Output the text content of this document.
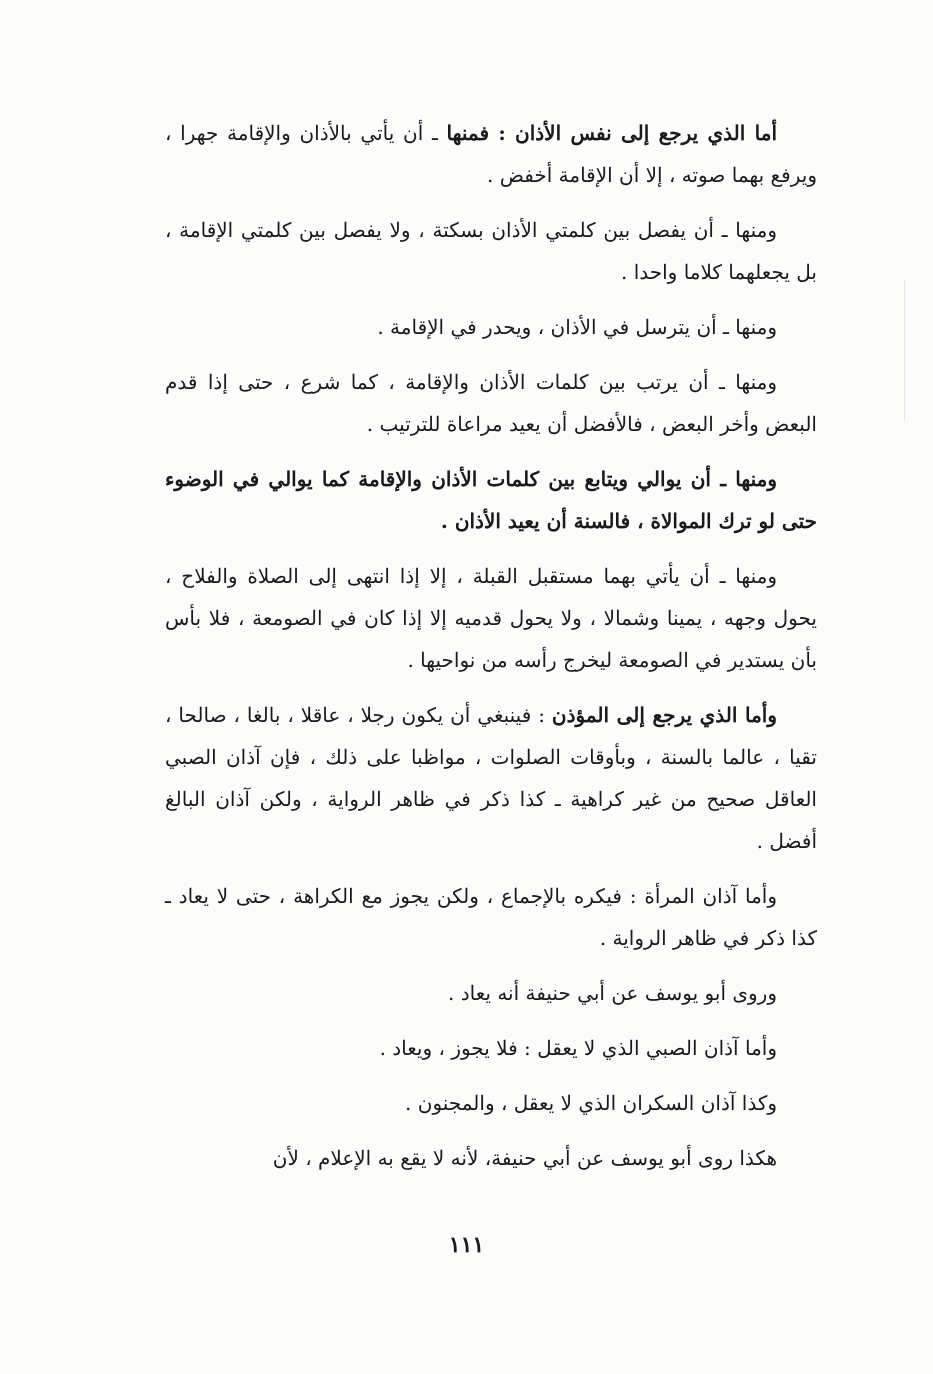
أما الذي يرجع إلى نفس الأذان : فمنها ـ أن يأتي بالأذان والإقامة جهرا ، ويرفع بهما صوته ، إلا أن الإقامة أخفض .

ومنها ـ أن يفصل بين كلمتي الأذان بسكتة ، ولا يفصل بين كلمتي الإقامة ، بل يجعلهما كلاما واحدا .

ومنها ـ أن يترسل في الأذان ، ويحدر في الإقامة .

ومنها ـ أن يرتب بين كلمات الأذان والإقامة ، كما شرع ، حتى إذا قدم البعض وأخر البعض ، فالأفضل أن يعيد مراعاة للترتيب .

ومنها ـ أن يوالي ويتابع بين كلمات الأذان والإقامة كما يوالي في الوضوء حتى لو ترك الموالاة ، فالسنة أن يعيد الأذان .

ومنها ـ أن يأتي بهما مستقبل القبلة ، إلا إذا انتهى إلى الصلاة والفلاح ، يحول وجهه ، يمينا وشمالا ، ولا يحول قدميه إلا إذا كان في الصومعة ، فلا بأس بأن يستدير في الصومعة ليخرج رأسه من نواحيها .

وأما الذي يرجع إلى المؤذن : فينبغي أن يكون رجلا ، عاقلا ، بالغا ، صالحا ، تقيا ، عالما بالسنة ، وبأوقات الصلوات ، مواظبا على ذلك ، فإن آذان الصبي العاقل صحيح من غير كراهية ـ كذا ذكر في ظاهر الرواية ، ولكن آذان البالغ أفضل .

وأما آذان المرأة : فيكره بالإجماع ، ولكن يجوز مع الكراهة ، حتى لا يعاد ـ كذا ذكر في ظاهر الرواية .

وروى أبو يوسف عن أبي حنيفة أنه يعاد .

وأما آذان الصبي الذي لا يعقل : فلا يجوز ، ويعاد .

وكذا آذان السكران الذي لا يعقل ، والمجنون .

هكذا روى أبو يوسف عن أبي حنيفة، لأنه لا يقع به الإعلام ، لأن

١١١
